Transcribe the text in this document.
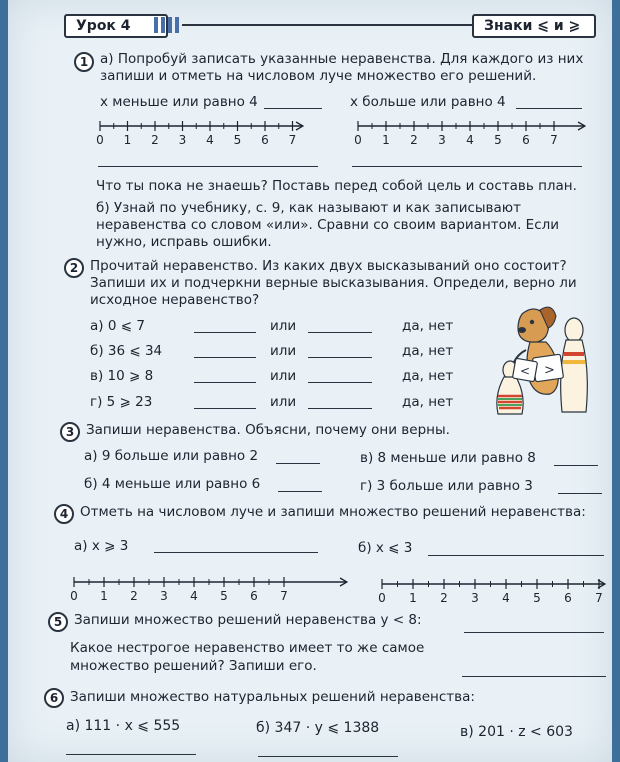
Урок 4	Знаки ⩽ и ⩾
1 а) Попробуй записать указанные неравенства. Для каждого из них
запиши и отметь на числовом луче множество его решений.
x меньше или равно 4	x больше или равно 4
0 1 2 3 4 5 6 7	0 1 2 3 4 5 6 7
Что ты пока не знаешь? Поставь перед собой цель и составь план.
б) Узнай по учебнику, с. 9, как называют и как записывают
неравенства со словом «или». Сравни со своим вариантом. Если
нужно, исправь ошибки.
2 Прочитай неравенство. Из каких двух высказываний оно состоит?
Запиши их и подчеркни верные высказывания. Определи, верно ли
исходное неравенство?
а) 0 ⩽ 7	или	да, нет
б) 36 ⩽ 34	или	да, нет
в) 10 ⩾ 8	или	да, нет
г) 5 ⩾ 23	или	да, нет
>
<
3 Запиши неравенства. Объясни, почему они верны.
а) 9 больше или равно 2	в) 8 меньше или равно 8
б) 4 меньше или равно 6	г) 3 больше или равно 3
4 Отметь на числовом луче и запиши множество решений неравенства:
а) x ⩾ 3	б) x ⩽ 3
0 1 2 3 4 5 6 7	0 1 2 3 4 5 6 7
5 Запиши множество решений неравенства y < 8:
Какое нестрогое неравенство имеет то же самое
множество решений? Запиши его.
6 Запиши множество натуральных решений неравенства:
а) 111 · x ⩽ 555	б) 347 · y ⩽ 1388	в) 201 · z < 603
